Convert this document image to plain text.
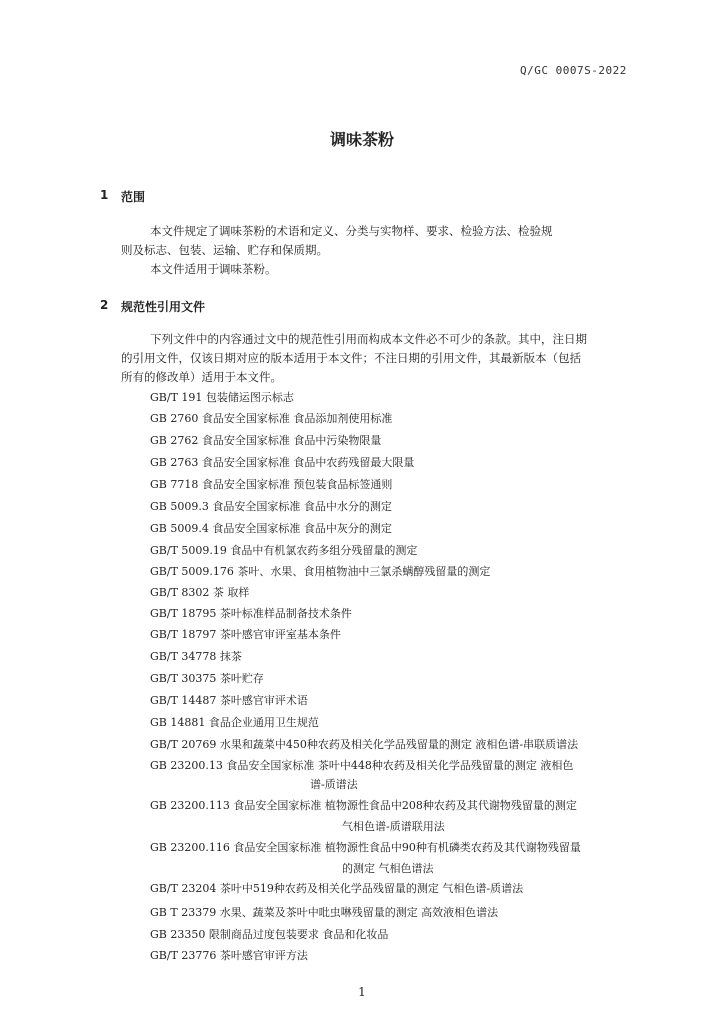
Q/GC 0007S-2022
调味茶粉
1 范围
本文件规定了调味茶粉的术语和定义、分类与实物样、要求、检验方法、检验规
则及标志、包装、运输、贮存和保质期。
本文件适用于调味茶粉。
2 规范性引用文件
下列文件中的内容通过文中的规范性引用而构成本文件必不可少的条款。其中，注日期
的引用文件，仅该日期对应的版本适用于本文件；不注日期的引用文件，其最新版本（包括
所有的修改单）适用于本文件。
GB/T 191 包装储运图示标志
GB 2760 食品安全国家标准 食品添加剂使用标准
GB 2762 食品安全国家标准 食品中污染物限量
GB 2763 食品安全国家标准 食品中农药残留最大限量
GB 7718 食品安全国家标准 预包装食品标签通则
GB 5009.3 食品安全国家标准 食品中水分的测定
GB 5009.4 食品安全国家标准 食品中灰分的测定
GB/T 5009.19 食品中有机氯农药多组分残留量的测定
GB/T 5009.176 茶叶、水果、食用植物油中三氯杀螨醇残留量的测定
GB/T 8302 茶 取样
GB/T 18795 茶叶标准样品制备技术条件
GB/T 18797 茶叶感官审评室基本条件
GB/T 34778 抹茶
GB/T 30375 茶叶贮存
GB/T 14487 茶叶感官审评术语
GB 14881 食品企业通用卫生规范
GB/T 20769 水果和蔬菜中450种农药及相关化学品残留量的测定 液相色谱-串联质谱法
GB 23200.13 食品安全国家标准 茶叶中448种农药及相关化学品残留量的测定 液相色
谱-质谱法
GB 23200.113 食品安全国家标准 植物源性食品中208种农药及其代谢物残留量的测定
气相色谱-质谱联用法
GB 23200.116 食品安全国家标准 植物源性食品中90种有机磷类农药及其代谢物残留量
的测定 气相色谱法
GB/T 23204 茶叶中519种农药及相关化学品残留量的测定 气相色谱-质谱法
GB T 23379 水果、蔬菜及茶叶中吡虫啉残留量的测定 高效液相色谱法
GB 23350 限制商品过度包装要求 食品和化妆品
GB/T 23776 茶叶感官审评方法
1
